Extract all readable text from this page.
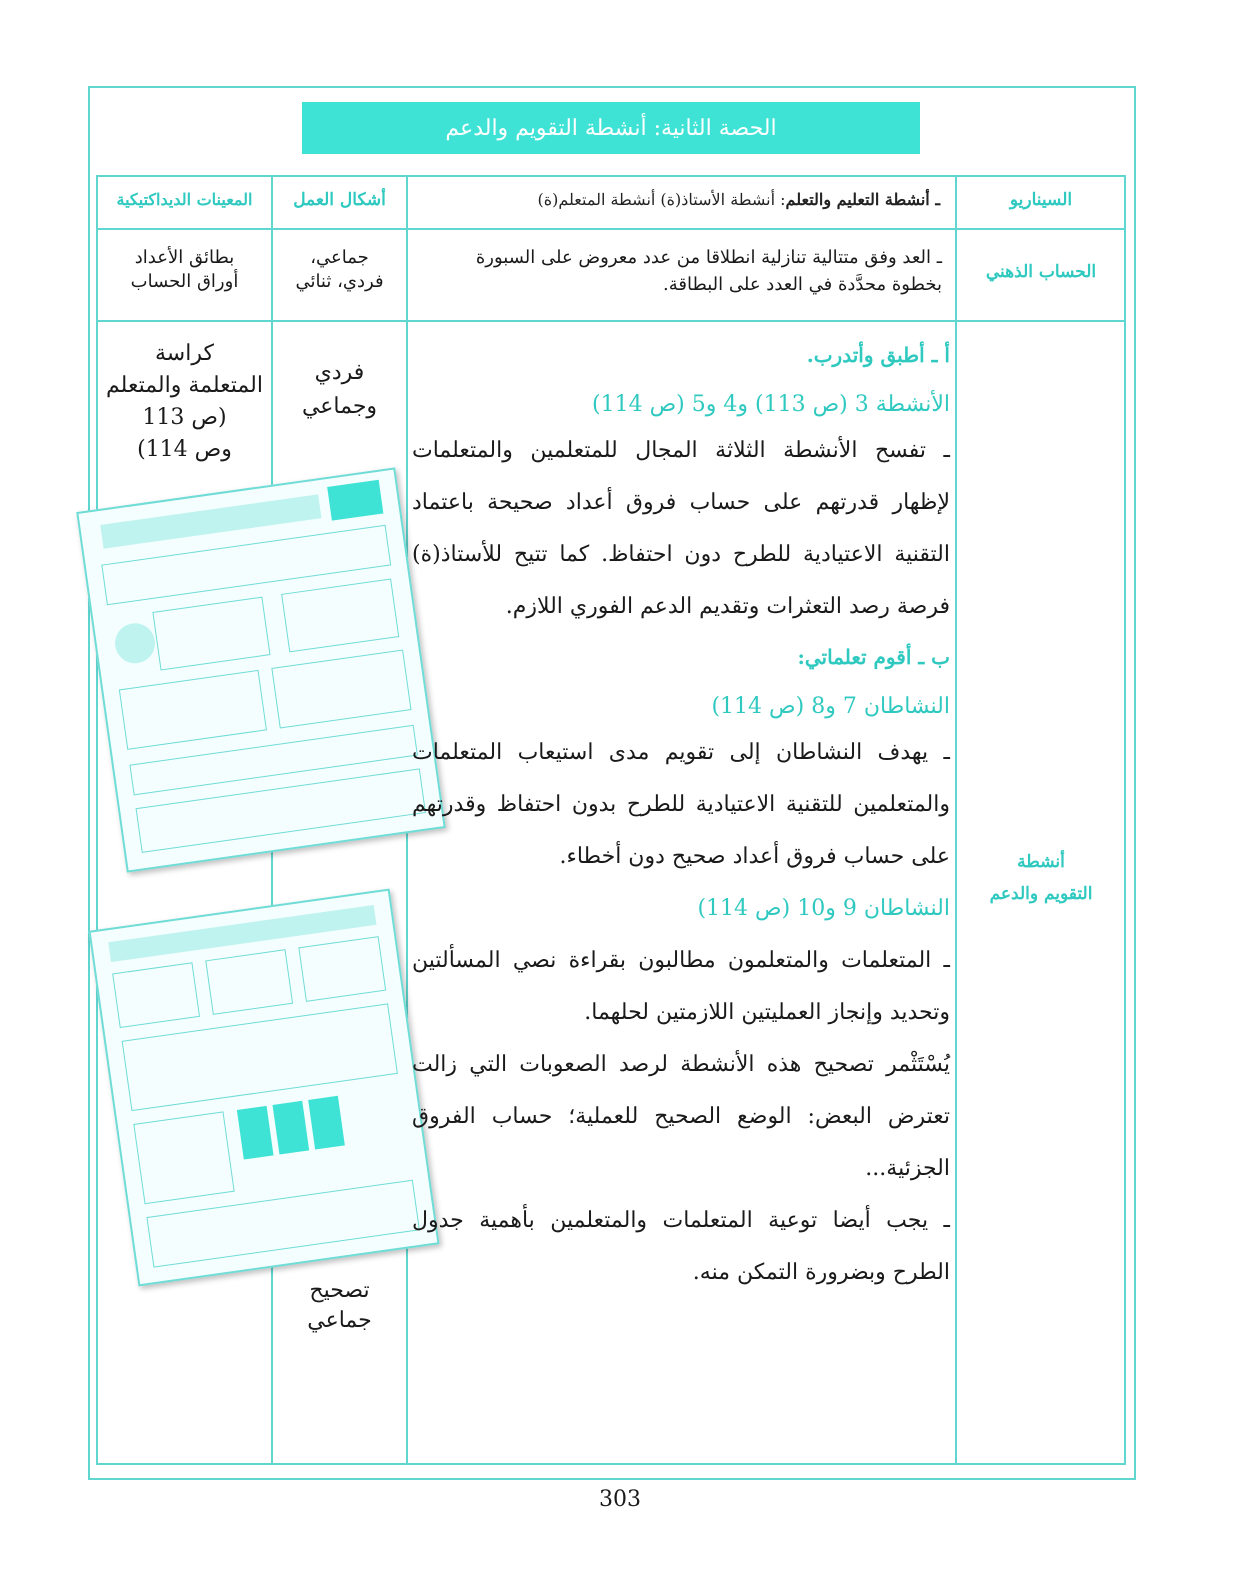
الحصة الثانية: أنشطة التقويم والدعم
السيناريو
ـ أنشطة التعليم والتعلم: أنشطة الأستاذ(ة) أنشطة المتعلم(ة)
أشكال العمل
المعينات الديداكتيكية
الحساب الذهني
ـ العد وفق متتالية تنازلية انطلاقا من عدد معروض على السبورة
بخطوة محدَّدة في العدد على البطاقة.
جماعي،
فردي، ثنائي
بطائق الأعداد
أوراق الحساب
أنشطة
التقويم والدعم
فردي
وجماعي
تصحيح
جماعي
كراسة
المتعلمة والمتعلم
(ص 113
وص 114)

أ ـ أطبق وأتدرب.

الأنشطة 3 (ص 113) و4 و5 (ص 114)

ـ تفسح الأنشطة الثلاثة المجال للمتعلمين والمتعلمات لإظهار قدرتهم على حساب فروق أعداد صحيحة باعتماد التقنية الاعتيادية للطرح دون احتفاظ. كما تتيح للأستاذ(ة) فرصة رصد التعثرات وتقديم الدعم الفوري اللازم.

ب ـ أقوم تعلماتي:

النشاطان 7 و8 (ص 114)

ـ يهدف النشاطان إلى تقويم مدى استيعاب المتعلمات والمتعلمين للتقنية الاعتيادية للطرح بدون احتفاظ وقدرتهم على حساب فروق أعداد صحيح دون أخطاء.

النشاطان 9 و10 (ص 114)

ـ المتعلمات والمتعلمون مطالبون بقراءة نصي المسألتين وتحديد وإنجاز العمليتين اللازمتين لحلهما.

يُسْتَثْمر تصحيح هذه الأنشطة لرصد الصعوبات التي زالت تعترض البعض: الوضع الصحيح للعملية؛ حساب الفروق الجزئية...

ـ يجب أيضا توعية المتعلمات والمتعلمين بأهمية جدول الطرح وبضرورة التمكن منه.

303
